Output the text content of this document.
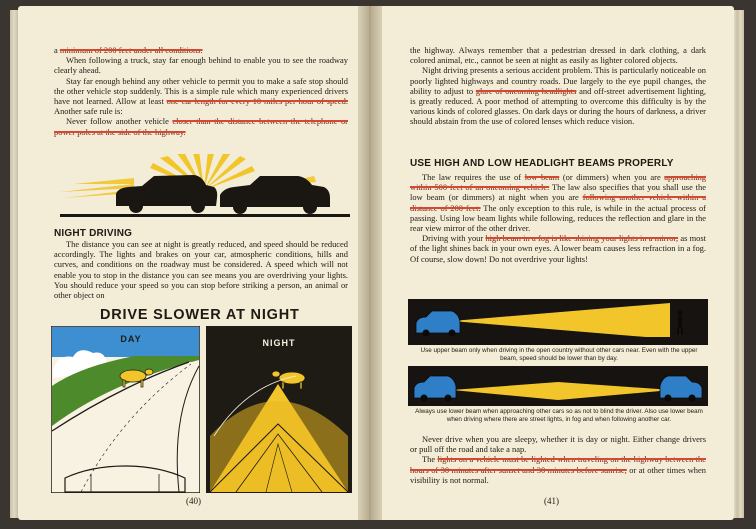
a minimum of 200 feet under all conditions.

When following a truck, stay far enough behind to enable you to see the roadway clearly ahead.

Stay far enough behind any other vehicle to permit you to make a safe stop should the other vehicle stop suddenly. This is a simple rule which many experienced drivers have not learned. Allow at least one car length for every 10 miles per hour of speed. Another safe rule is:

Never follow another vehicle closer than the distance between the telephone or power poles at the side of the highway.

NIGHT DRIVING

The distance you can see at night is greatly reduced, and speed should be reduced accordingly. The lights and brakes on your car, atmospheric conditions, hills and curves, and conditions on the roadway must be considered. A speed which will not enable you to stop in the distance you can see means you are overdriving your lights. You should reduce your speed so you can stop before striking a person, an animal or other object on

DRIVE SLOWER AT NIGHT

DAY	NIGHT
(40)

the highway. Always remember that a pedestrian dressed in dark clothing, a dark colored animal, etc., cannot be seen at night as easily as lighter colored objects.

Night driving presents a serious accident problem. This is particularly noticeable on poorly lighted highways and country roads. Due largely to the eye pupil changes, the ability to adjust to glare of oncoming headlights and off-street advertisement lighting, is greatly reduced. A poor method of attempting to overcome this difficulty is by the various kinds of colored glasses. On dark days or during the hours of darkness, a driver should abstain from the use of colored lenses which reduce vision.

USE HIGH AND LOW HEADLIGHT BEAMS PROPERLY

The law requires the use of low beam (or dimmers) when you are approaching within 500 feet of an oncoming vehicle. The law also specifies that you shall use the low beam (or dimmers) at night when you are following another vehicle within a distance of 200 feet. The only exception to this rule, is while in the actual process of passing. Using low beam lights while following, reduces the reflection and glare in the rear view mirror of the other driver.

Driving with your high beam in a fog is like shining your lights in a mirror, as most of the light shines back in your own eyes. A lower beam causes less refraction in a fog. Of course, slow down! Do not overdrive your lights!

Use upper beam only when driving in the open country without other cars near. Even with the upper beam, speed should be lower than by day.

Always use lower beam when approaching other cars so as not to blind the driver. Also use lower beam when driving where there are street lights, in fog and when following another car.

Never drive when you are sleepy, whether it is day or night. Either change drivers or pull off the road and take a nap.

The lights on a vehicle must be lighted when traveling on the highway between the hours of 30 minutes after sunset and 30 minutes before sunrise, or at other times when visibility is not normal.

(41)
